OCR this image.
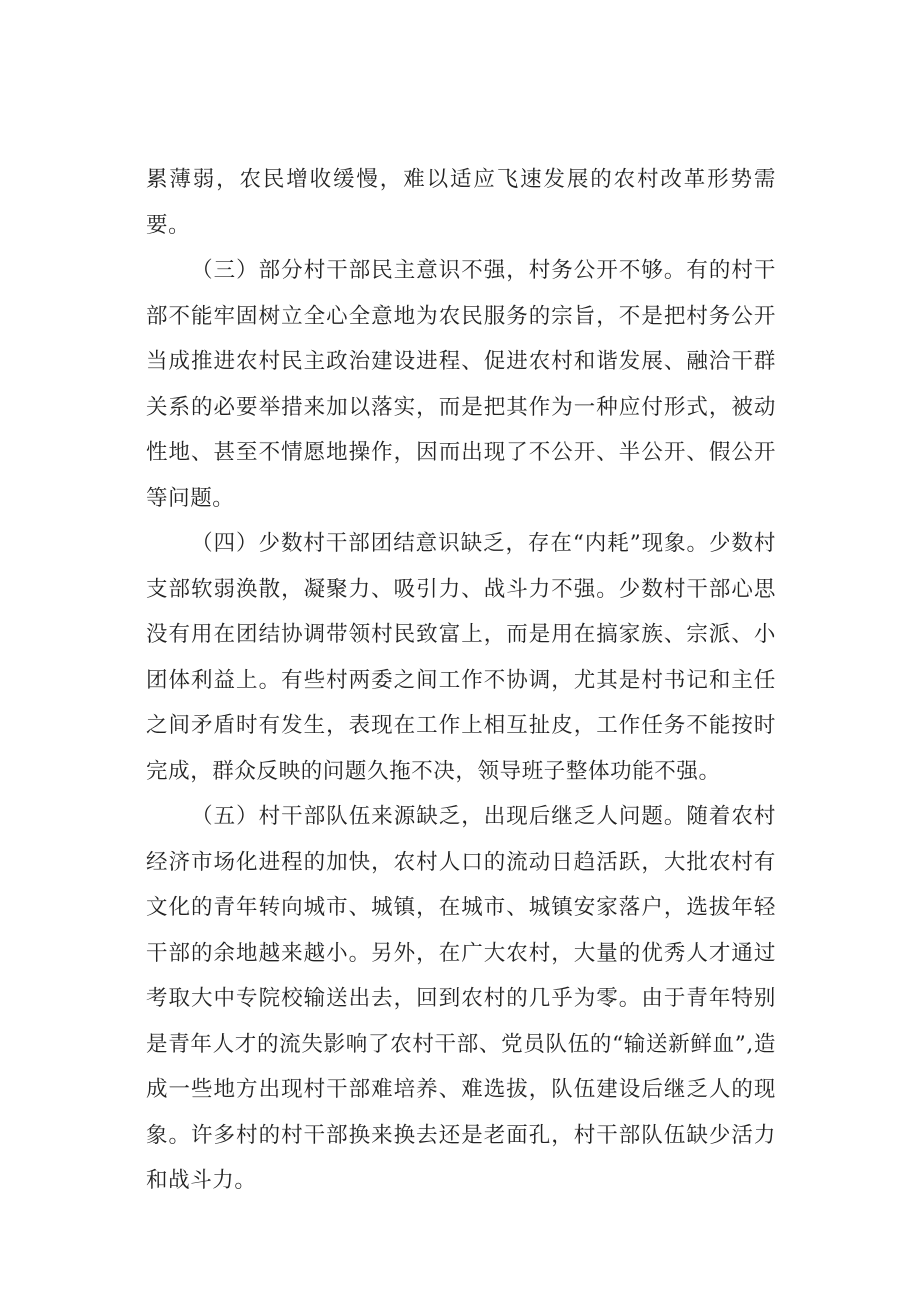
累薄弱，农民增收缓慢，难以适应飞速发展的农村改革形势需要。

（三）部分村干部民主意识不强，村务公开不够。有的村干部不能牢固树立全心全意地为农民服务的宗旨，不是把村务公开当成推进农村民主政治建设进程、促进农村和谐发展、融洽干群关系的必要举措来加以落实，而是把其作为一种应付形式，被动性地、甚至不情愿地操作，因而出现了不公开、半公开、假公开等问题。

（四）少数村干部团结意识缺乏，存在“内耗”现象。少数村支部软弱涣散，凝聚力、吸引力、战斗力不强。少数村干部心思没有用在团结协调带领村民致富上，而是用在搞家族、宗派、小团体利益上。有些村两委之间工作不协调，尤其是村书记和主任之间矛盾时有发生，表现在工作上相互扯皮，工作任务不能按时完成，群众反映的问题久拖不决，领导班子整体功能不强。

（五）村干部队伍来源缺乏，出现后继乏人问题。随着农村经济市场化进程的加快，农村人口的流动日趋活跃，大批农村有文化的青年转向城市、城镇，在城市、城镇安家落户，选拔年轻干部的余地越来越小。另外，在广大农村，大量的优秀人才通过考取大中专院校输送出去，回到农村的几乎为零。由于青年特别是青年人才的流失影响了农村干部、党员队伍的“输送新鲜血”,造成一些地方出现村干部难培养、难选拔，队伍建设后继乏人的现象。许多村的村干部换来换去还是老面孔，村干部队伍缺少活力和战斗力。
